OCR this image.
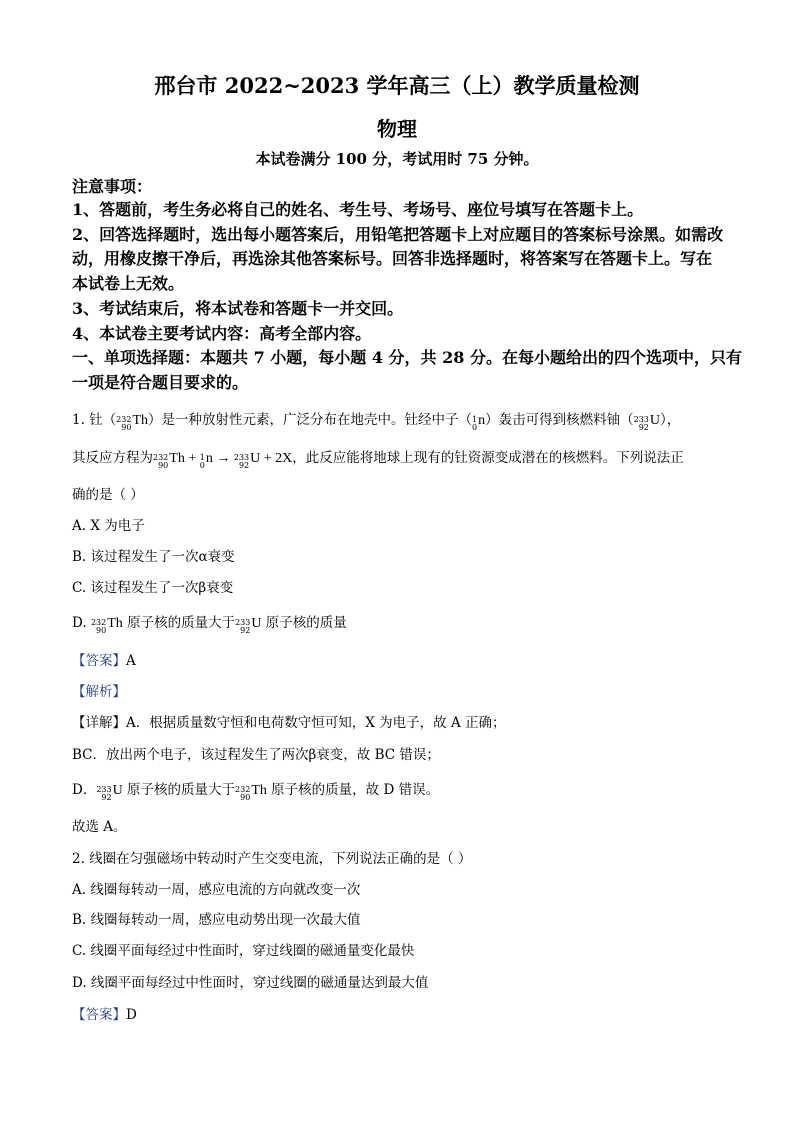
邢台市 2022~2023 学年高三（上）教学质量检测
物理
本试卷满分 100 分，考试用时 75 分钟。
注意事项：
1、答题前，考生务必将自己的姓名、考生号、考场号、座位号填写在答题卡上。
2、回答选择题时，选出每小题答案后，用铅笔把答题卡上对应题目的答案标号涂黑。如需改
动，用橡皮擦干净后，再选涂其他答案标号。回答非选择题时，将答案写在答题卡上。写在
本试卷上无效。
3、考试结束后，将本试卷和答题卡一并交回。
4、本试卷主要考试内容：高考全部内容。
一、单项选择题：本题共 7 小题，每小题 4 分，共 28 分。在每小题给出的四个选项中，只有
一项是符合题目要求的。
1. 钍（ 232
90 Th）是一种放射性元素，广泛分布在地壳中。钍经中子（ 1
0 n）轰击可得到核燃料铀（ 233
92 U），
其反应方程为 232
90 Th + 1
0 n → 233
92 U + 2X，此反应能将地球上现有的钍资源变成潜在的核燃料。下列说法正
确的是（ ）
A. X 为电子
B. 该过程发生了一次α衰变
C. 该过程发生了一次β衰变
D. 232
90 Th 原子核的质量大于 233
92 U 原子核的质量
【答案】A
【解析】
【详解】A．根据质量数守恒和电荷数守恒可知，X 为电子，故 A 正确；
BC．放出两个电子，该过程发生了两次β衰变，故 BC 错误；
D． 233
92 U 原子核的质量大于 232
90 Th 原子核的质量，故 D 错误。
故选 A。
2. 线圈在匀强磁场中转动时产生交变电流，下列说法正确的是（ ）
A. 线圈每转动一周，感应电流的方向就改变一次
B. 线圈每转动一周，感应电动势出现一次最大值
C. 线圈平面每经过中性面时，穿过线圈的磁通量变化最快
D. 线圈平面每经过中性面时，穿过线圈的磁通量达到最大值
【答案】D
